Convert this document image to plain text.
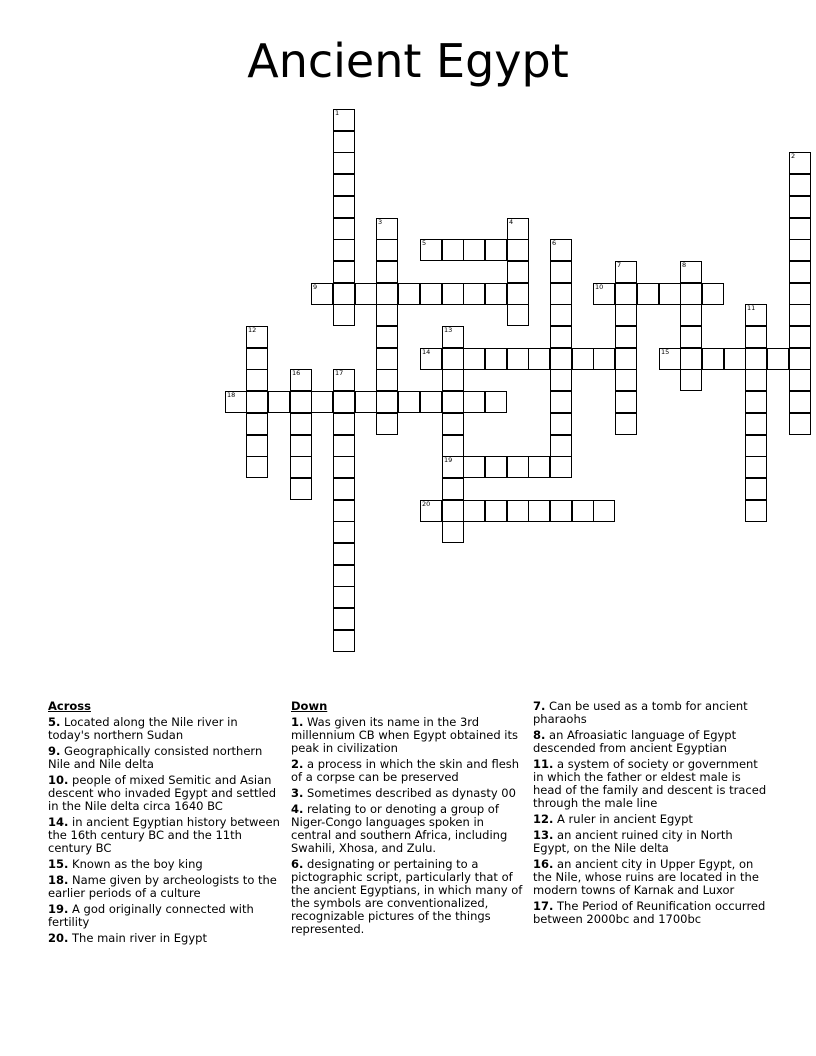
Ancient Egypt
1
2
3	4
5	6
7	8
9	10
11
12	13
19
14	15
16	17
18
20
Across
5. Located along the Nile river in today's northern Sudan
9. Geographically consisted northern Nile and Nile delta
10. people of mixed Semitic and Asian descent who invaded Egypt and settled in the Nile delta circa 1640 BC
14. in ancient Egyptian history between the 16th century BC and the 11th century BC
15. Known as the boy king
18. Name given by archeologists to the earlier periods of a culture
19. A god originally connected with fertility
20. The main river in Egypt
Down
1. Was given its name in the 3rd millennium CB when Egypt obtained its peak in civilization
2. a process in which the skin and flesh of a corpse can be preserved
3. Sometimes described as dynasty 00
4. relating to or denoting a group of Niger-Congo languages spoken in central and southern Africa, including Swahili, Xhosa, and Zulu.
6. designating or pertaining to a pictographic script, particularly that of the ancient Egyptians, in which many of the symbols are conventionalized, recognizable pictures of the things represented.
7. Can be used as a tomb for ancient pharaohs
8. an Afroasiatic language of Egypt descended from ancient Egyptian
11. a system of society or government in which the father or eldest male is head of the family and descent is traced through the male line
12. A ruler in ancient Egypt
13. an ancient ruined city in North Egypt, on the Nile delta
16. an ancient city in Upper Egypt, on the Nile, whose ruins are located in the modern towns of Karnak and Luxor
17. The Period of Reunification occurred between 2000bc and 1700bc
